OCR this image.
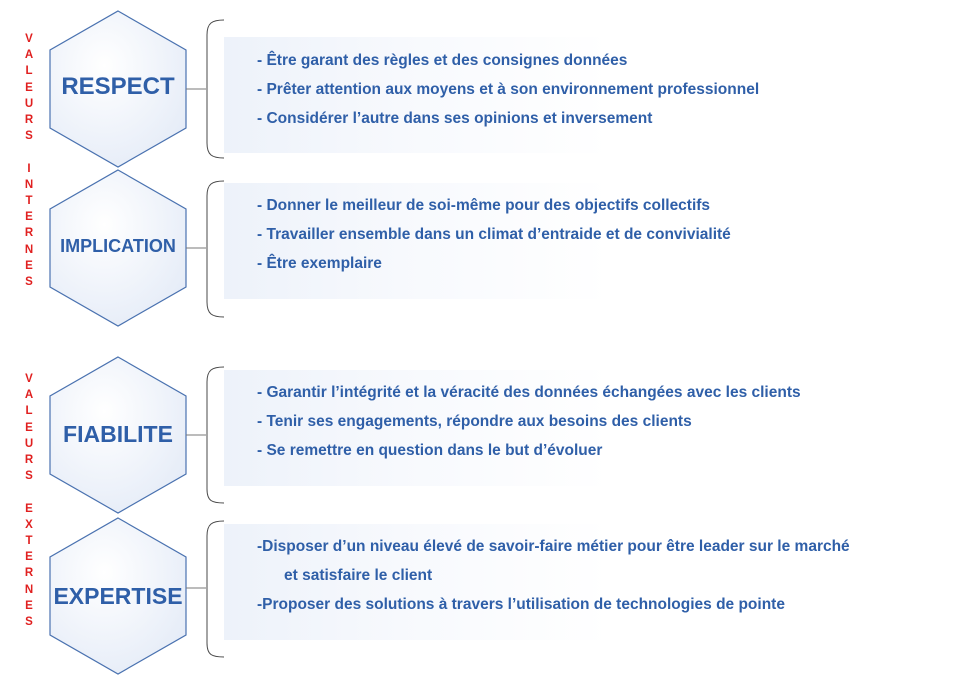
V
A
L
E
U
R
S
I
N
T
E
R
N
E
S
V
A
L
E
U
R
S
E
X
T
E
R
N
E
S
RESPECT
- Être garant des règles et des consignes données
- Prêter attention aux moyens et à son environnement professionnel
- Considérer l’autre dans ses opinions et inversement
IMPLICATION
- Donner le meilleur de soi-même pour des objectifs collectifs
- Travailler ensemble dans un climat d’entraide et de convivialité
- Être exemplaire
FIABILITE
- Garantir l’intégrité et la véracité des données échangées avec les clients
- Tenir ses engagements, répondre aux besoins des clients
- Se remettre en question dans le but d’évoluer
EXPERTISE
-Disposer d’un niveau élevé de savoir-faire métier pour être leader sur le marché
et satisfaire le client
-Proposer des solutions à travers l’utilisation de technologies de pointe
